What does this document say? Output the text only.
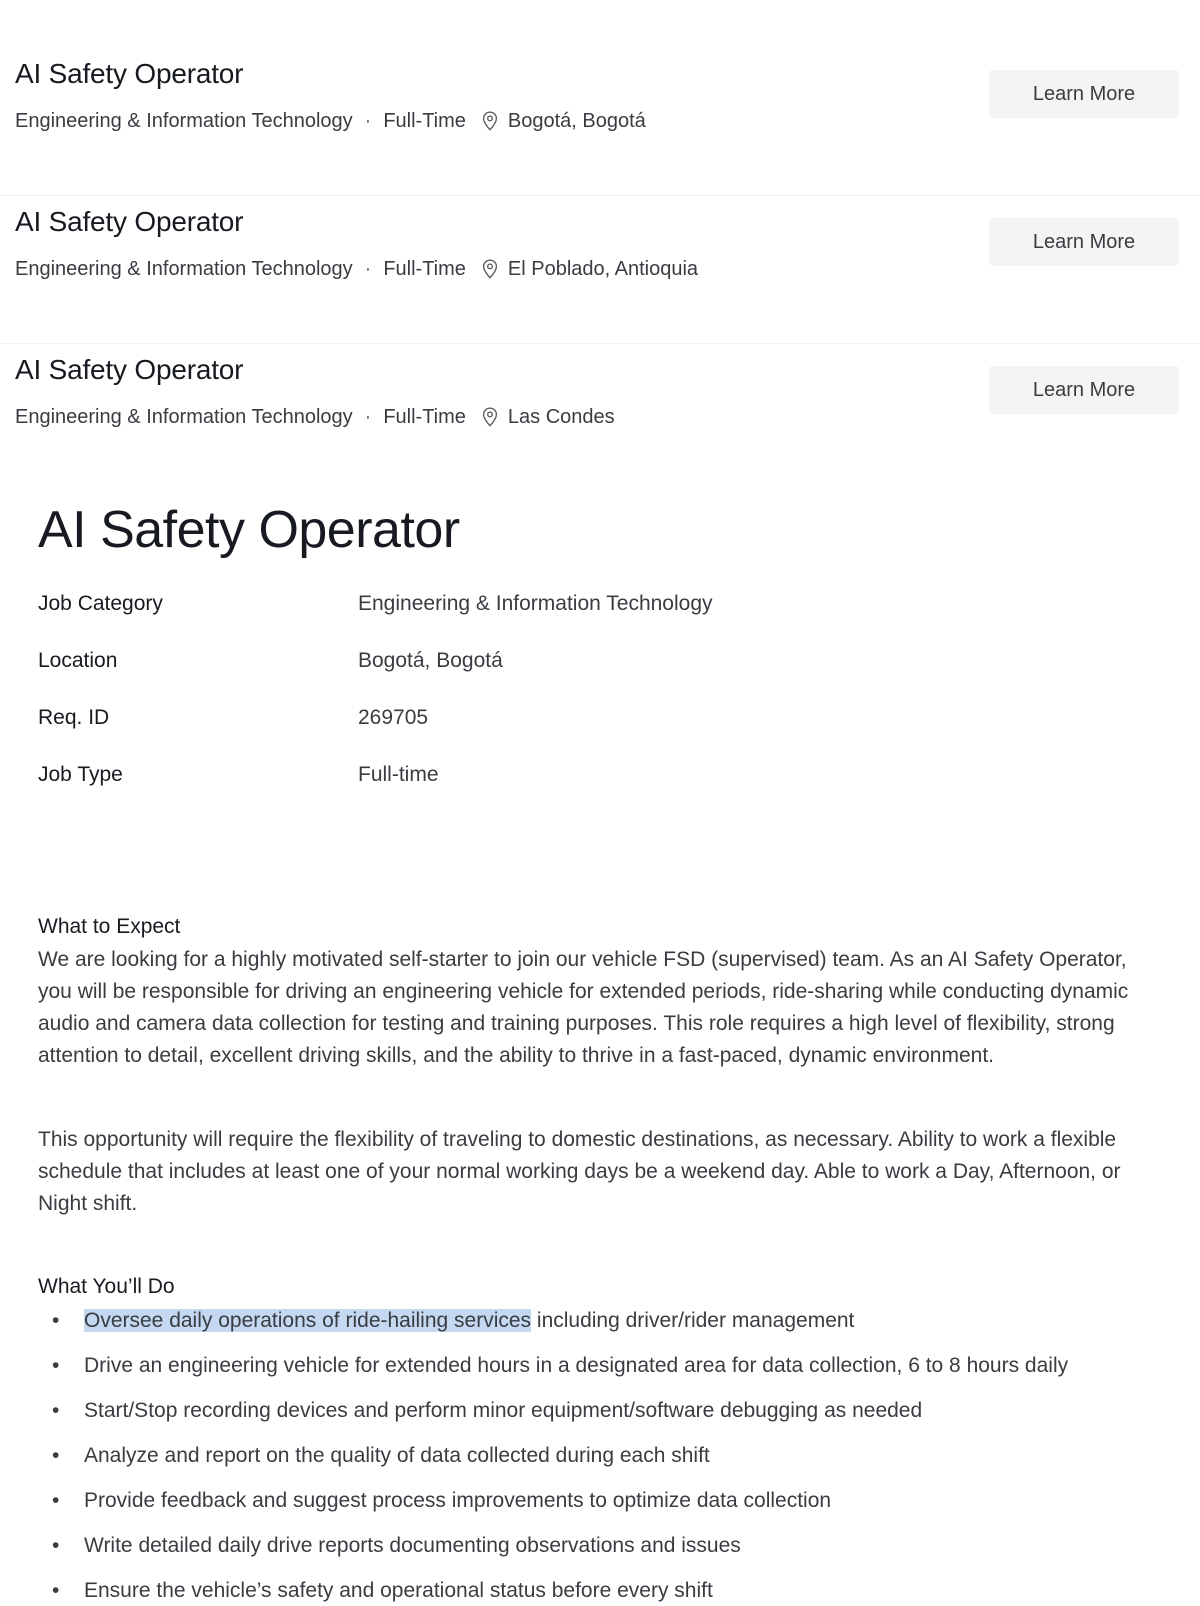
AI Safety Operator
Engineering & Information Technology · Full-Time Bogotá, Bogotá
Learn More
AI Safety Operator
Engineering & Information Technology · Full-Time El Poblado, Antioquia
Learn More
AI Safety Operator
Engineering & Information Technology · Full-Time Las Condes
Learn More
AI Safety Operator
Job Category	Engineering & Information Technology
Location	Bogotá, Bogotá
Req. ID	269705
Job Type	Full-time
What to Expect

We are looking for a highly motivated self-starter to join our vehicle FSD (supervised) team. As an AI Safety Operator, you will be responsible for driving an engineering vehicle for extended periods, ride-sharing while conducting dynamic audio and camera data collection for testing and training purposes. This role requires a high level of flexibility, strong attention to detail, excellent driving skills, and the ability to thrive in a fast-paced, dynamic environment.

This opportunity will require the flexibility of traveling to domestic destinations, as necessary. Ability to work a flexible schedule that includes at least one of your normal working days be a weekend day. Able to work a Day, Afternoon, or Night shift.

What You’ll Do
• Oversee daily operations of ride-hailing services including driver/rider management
• Drive an engineering vehicle for extended hours in a designated area for data collection, 6 to 8 hours daily
• Start/Stop recording devices and perform minor equipment/software debugging as needed
• Analyze and report on the quality of data collected during each shift
• Provide feedback and suggest process improvements to optimize data collection
• Write detailed daily drive reports documenting observations and issues
• Ensure the vehicle’s safety and operational status before every shift
